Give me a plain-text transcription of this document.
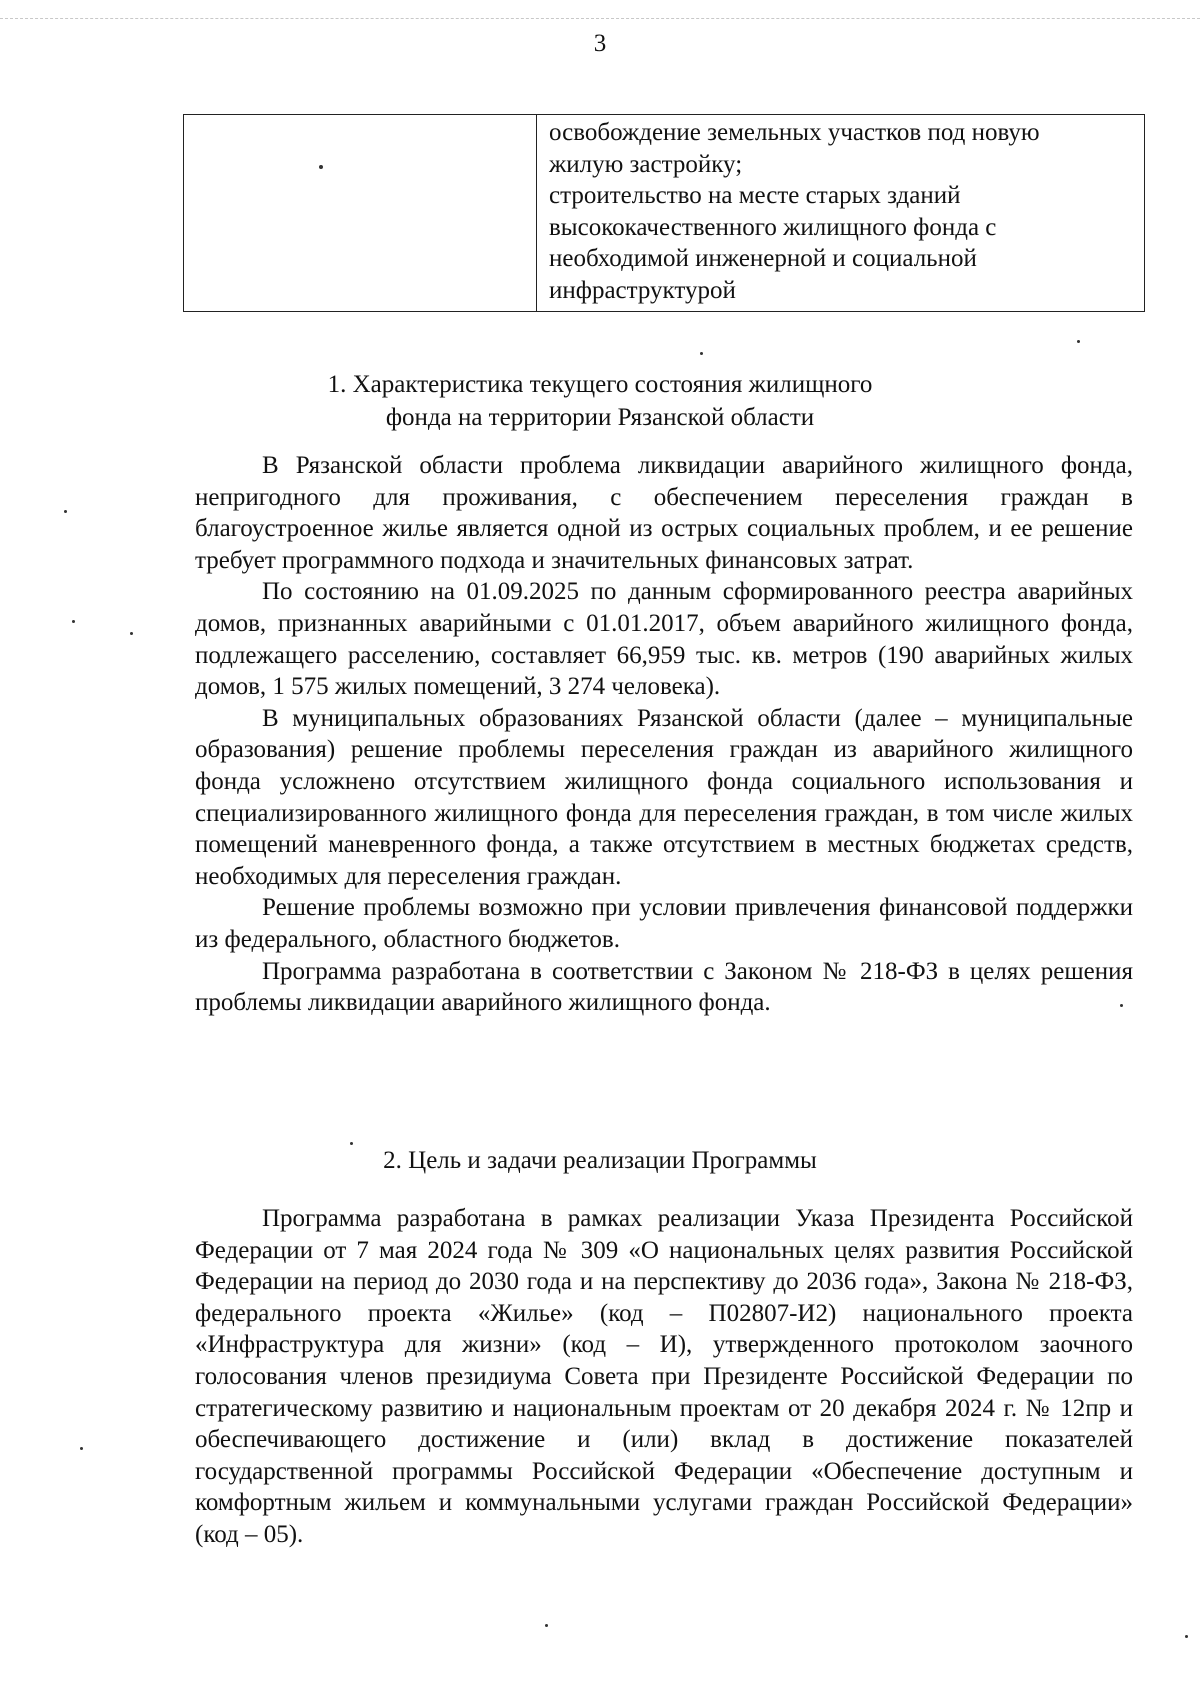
3

освобождение земельных участков под новую
жилую застройку;
строительство на месте старых зданий
высококачественного жилищного фонда с
необходимой инженерной и социальной
инфраструктурой
1. Характеристика текущего состояния жилищного
фонда на территории Рязанской области

В Рязанской области проблема ликвидации аварийного жилищного фонда, непригодного для проживания, с обеспечением переселения граждан в благоустроенное жилье является одной из острых социальных проблем, и ее решение требует программного подхода и значительных финансовых затрат.

По состоянию на 01.09.2025 по данным сформированного реестра аварийных домов, признанных аварийными с 01.01.2017, объем аварийного жилищного фонда, подлежащего расселению, составляет 66,959 тыс. кв. метров (190 аварийных жилых домов, 1 575 жилых помещений, 3 274 человека).

В муниципальных образованиях Рязанской области (далее – муниципальные образования) решение проблемы переселения граждан из аварийного жилищного фонда усложнено отсутствием жилищного фонда социального использования и специализированного жилищного фонда для переселения граждан, в том числе жилых помещений маневренного фонда, а также отсутствием в местных бюджетах средств, необходимых для переселения граждан.

Решение проблемы возможно при условии привлечения финансовой поддержки из федерального, областного бюджетов.

Программа разработана в соответствии с Законом № 218-ФЗ в целях решения проблемы ликвидации аварийного жилищного фонда.

2. Цель и задачи реализации Программы

Программа разработана в рамках реализации Указа Президента Российской Федерации от 7 мая 2024 года № 309 «О национальных целях развития Российской Федерации на период до 2030 года и на перспективу до 2036 года», Закона № 218-ФЗ, федерального проекта «Жилье» (код – П02807-И2) национального проекта «Инфраструктура для жизни» (код – И), утвержденного протоколом заочного голосования членов президиума Совета при Президенте Российской Федерации по стратегическому развитию и национальным проектам от 20 декабря 2024 г. № 12пр и обеспечивающего достижение и (или) вклад в достижение показателей государственной программы Российской Федерации «Обеспечение доступным и комфортным жильем и коммунальными услугами граждан Российской Федерации» (код – 05).
